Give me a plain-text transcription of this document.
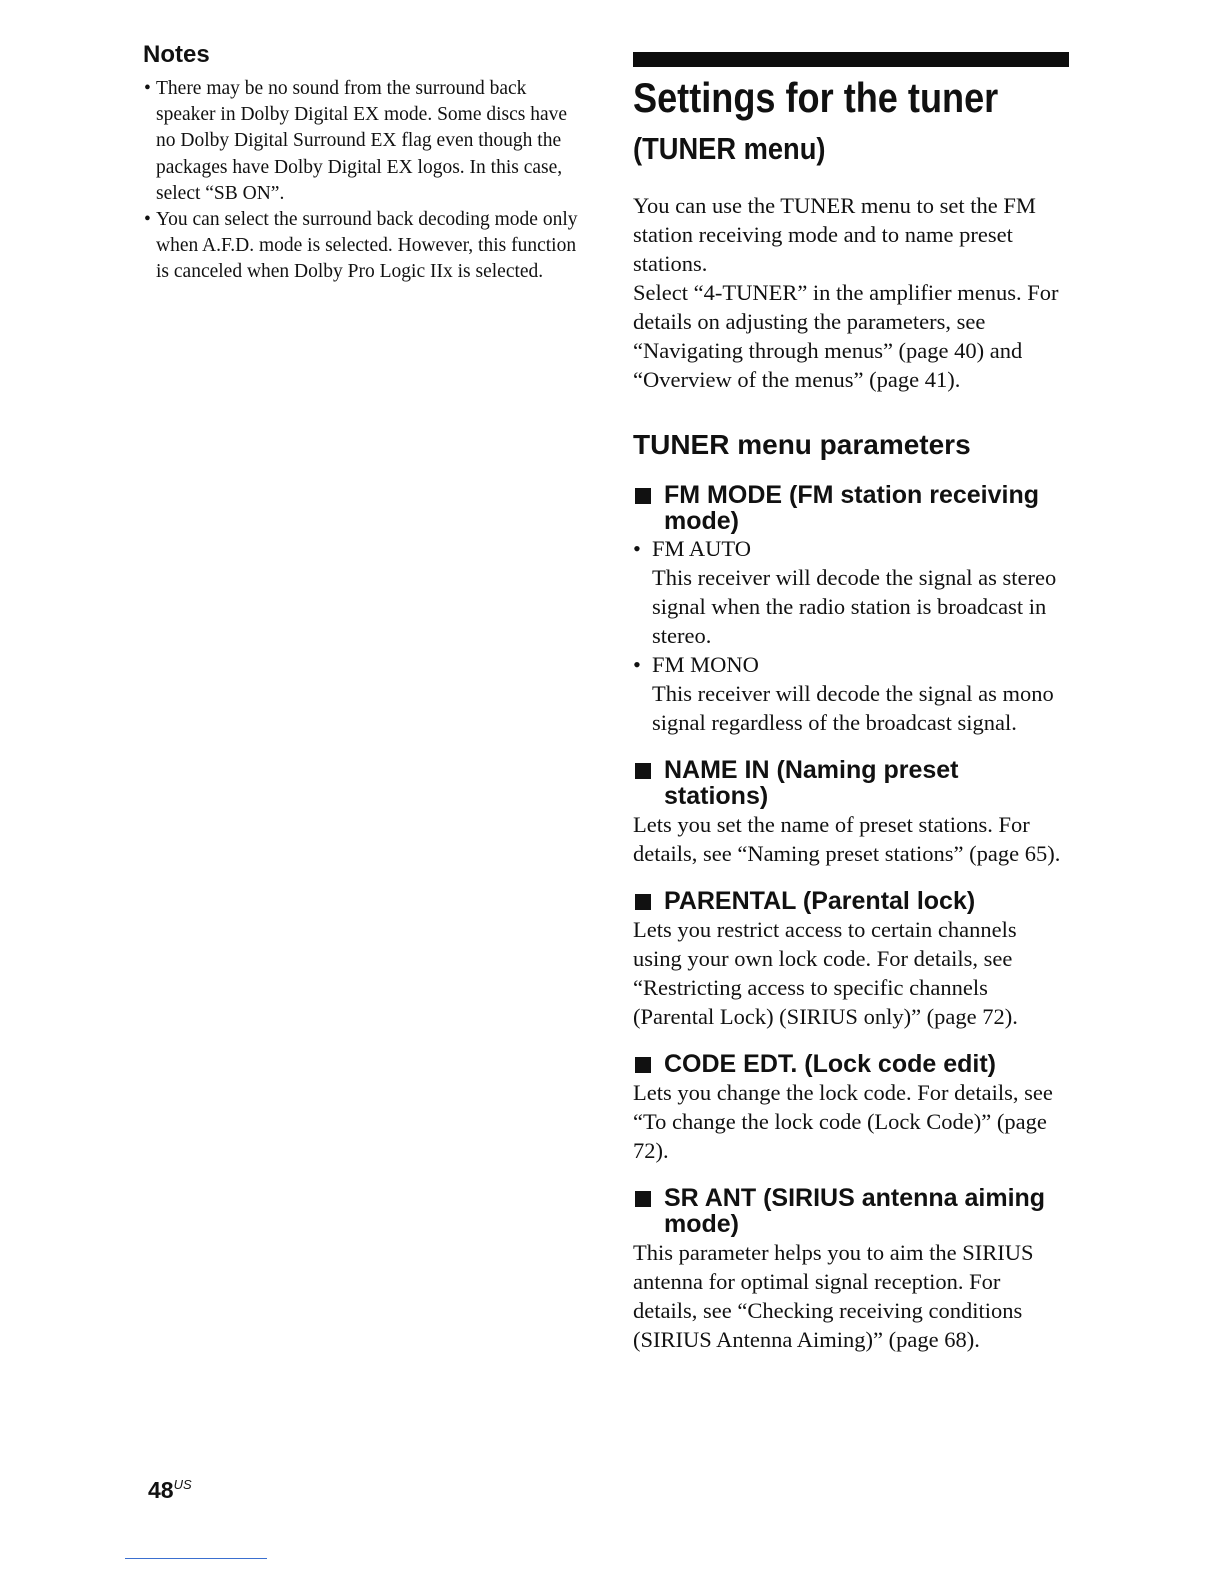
Notes
• There may be no sound from the surround back speaker in Dolby Digital EX mode. Some discs have no Dolby Digital Surround EX flag even though the packages have Dolby Digital EX logos. In this case, select “SB ON”.
• You can select the surround back decoding mode only when A.F.D. mode is selected. However, this function is canceled when Dolby Pro Logic IIx is selected.
Settings for the tuner
(TUNER menu)

You can use the TUNER menu to set the FM station receiving mode and to name preset stations.

Select “4-TUNER” in the amplifier menus. For details on adjusting the parameters, see “Navigating through menus” (page 40) and “Overview of the menus” (page 41).

TUNER menu parameters
FM MODE (FM station receiving mode)
• FM AUTO
This receiver will decode the signal as stereo signal when the radio station is broadcast in stereo.
• FM MONO
This receiver will decode the signal as mono signal regardless of the broadcast signal.
NAME IN (Naming preset stations)

Lets you set the name of preset stations. For details, see “Naming preset stations” (page 65).

PARENTAL (Parental lock)

Lets you restrict access to certain channels using your own lock code. For details, see “Restricting access to specific channels (Parental Lock) (SIRIUS only)” (page 72).

CODE EDT. (Lock code edit)

Lets you change the lock code. For details, see “To change the lock code (Lock Code)” (page 72).

SR ANT (SIRIUS antenna aiming mode)

This parameter helps you to aim the SIRIUS antenna for optimal signal reception. For details, see “Checking receiving conditions (SIRIUS Antenna Aiming)” (page 68).

$48^{US}$
